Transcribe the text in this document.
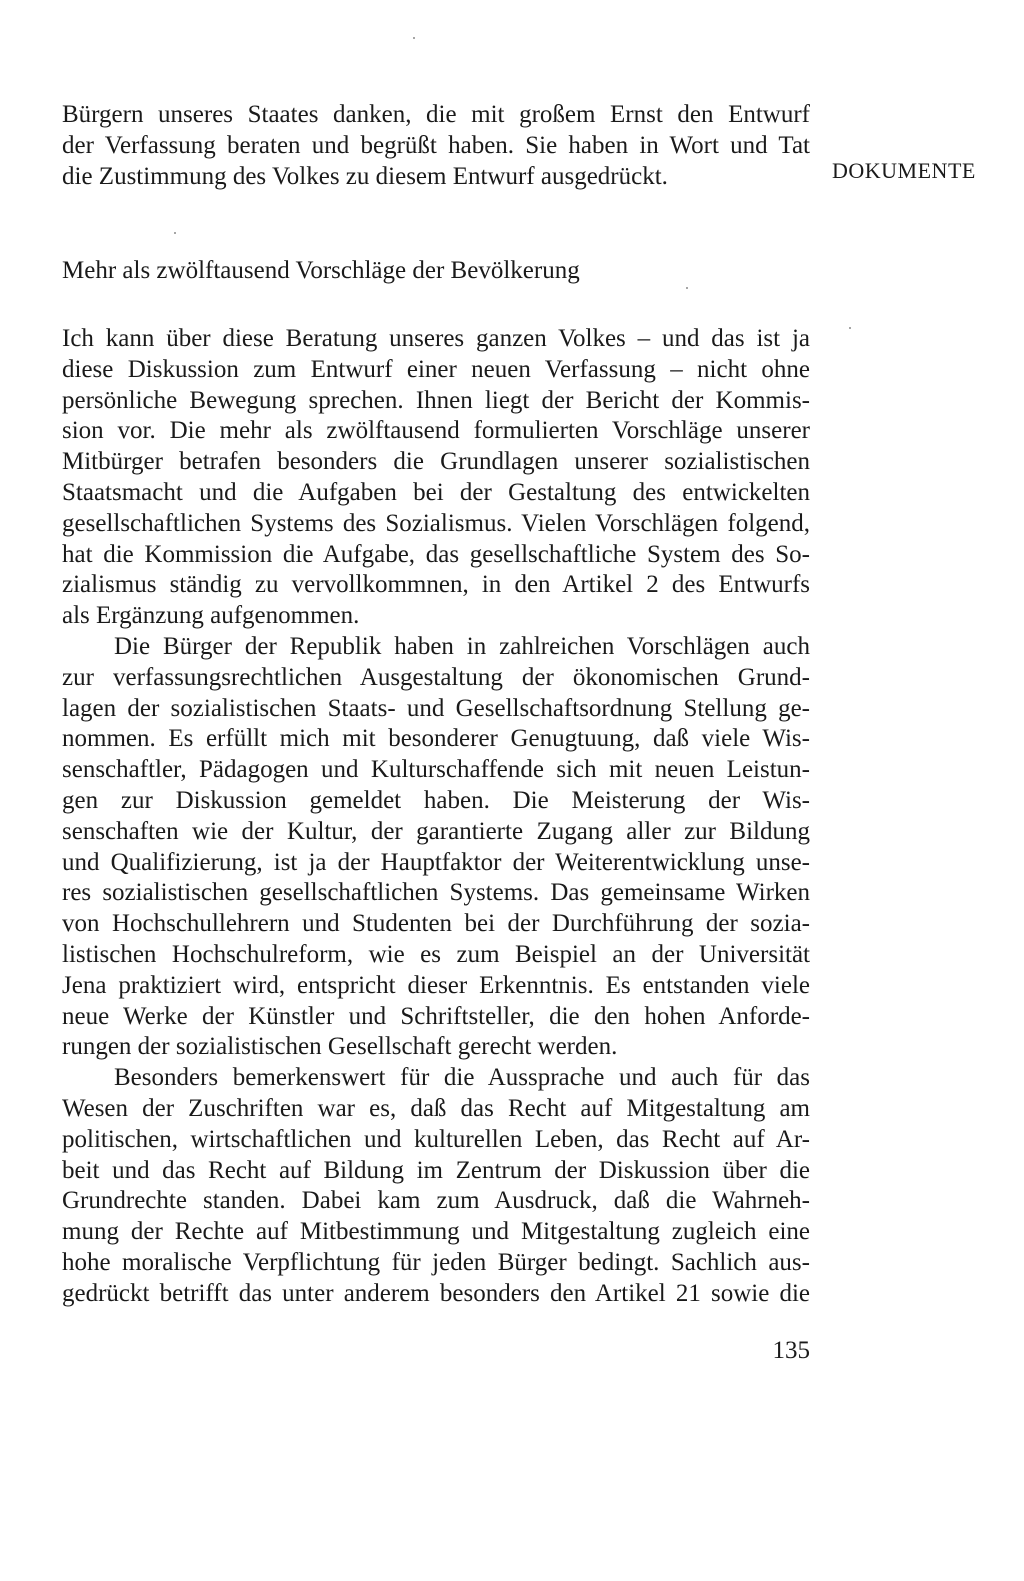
Bürgern unseres Staates danken, die mit großem Ernst den Entwurf
der Verfassung beraten und begrüßt haben. Sie haben in Wort und Tat
die Zustimmung des Volkes zu diesem Entwurf ausgedrückt.	DOKUMENTE
Mehr als zwölftausend Vorschläge der Bevölkerung
Ich kann über diese Beratung unseres ganzen Volkes – und das ist ja
diese Diskussion zum Entwurf einer neuen Verfassung – nicht ohne
persönliche Bewegung sprechen. Ihnen liegt der Bericht der Kommis-
sion vor. Die mehr als zwölftausend formulierten Vorschläge unserer
Mitbürger betrafen besonders die Grundlagen unserer sozialistischen
Staatsmacht und die Aufgaben bei der Gestaltung des entwickelten
gesellschaftlichen Systems des Sozialismus. Vielen Vorschlägen folgend,
hat die Kommission die Aufgabe, das gesellschaftliche System des So-
zialismus ständig zu vervollkommnen, in den Artikel 2 des Entwurfs
als Ergänzung aufgenommen.
Die Bürger der Republik haben in zahlreichen Vorschlägen auch
zur verfassungsrechtlichen Ausgestaltung der ökonomischen Grund-
lagen der sozialistischen Staats- und Gesellschaftsordnung Stellung ge-
nommen. Es erfüllt mich mit besonderer Genugtuung, daß viele Wis-
senschaftler, Pädagogen und Kulturschaffende sich mit neuen Leistun-
gen zur Diskussion gemeldet haben. Die Meisterung der Wis-
senschaften wie der Kultur, der garantierte Zugang aller zur Bildung
und Qualifizierung, ist ja der Hauptfaktor der Weiterentwicklung unse-
res sozialistischen gesellschaftlichen Systems. Das gemeinsame Wirken
von Hochschullehrern und Studenten bei der Durchführung der sozia-
listischen Hochschulreform, wie es zum Beispiel an der Universität
Jena praktiziert wird, entspricht dieser Erkenntnis. Es entstanden viele
neue Werke der Künstler und Schriftsteller, die den hohen Anforde-
rungen der sozialistischen Gesellschaft gerecht werden.
Besonders bemerkenswert für die Aussprache und auch für das
Wesen der Zuschriften war es, daß das Recht auf Mitgestaltung am
politischen, wirtschaftlichen und kulturellen Leben, das Recht auf Ar-
beit und das Recht auf Bildung im Zentrum der Diskussion über die
Grundrechte standen. Dabei kam zum Ausdruck, daß die Wahrneh-
mung der Rechte auf Mitbestimmung und Mitgestaltung zugleich eine
hohe moralische Verpflichtung für jeden Bürger bedingt. Sachlich aus-
gedrückt betrifft das unter anderem besonders den Artikel 21 sowie die
135
